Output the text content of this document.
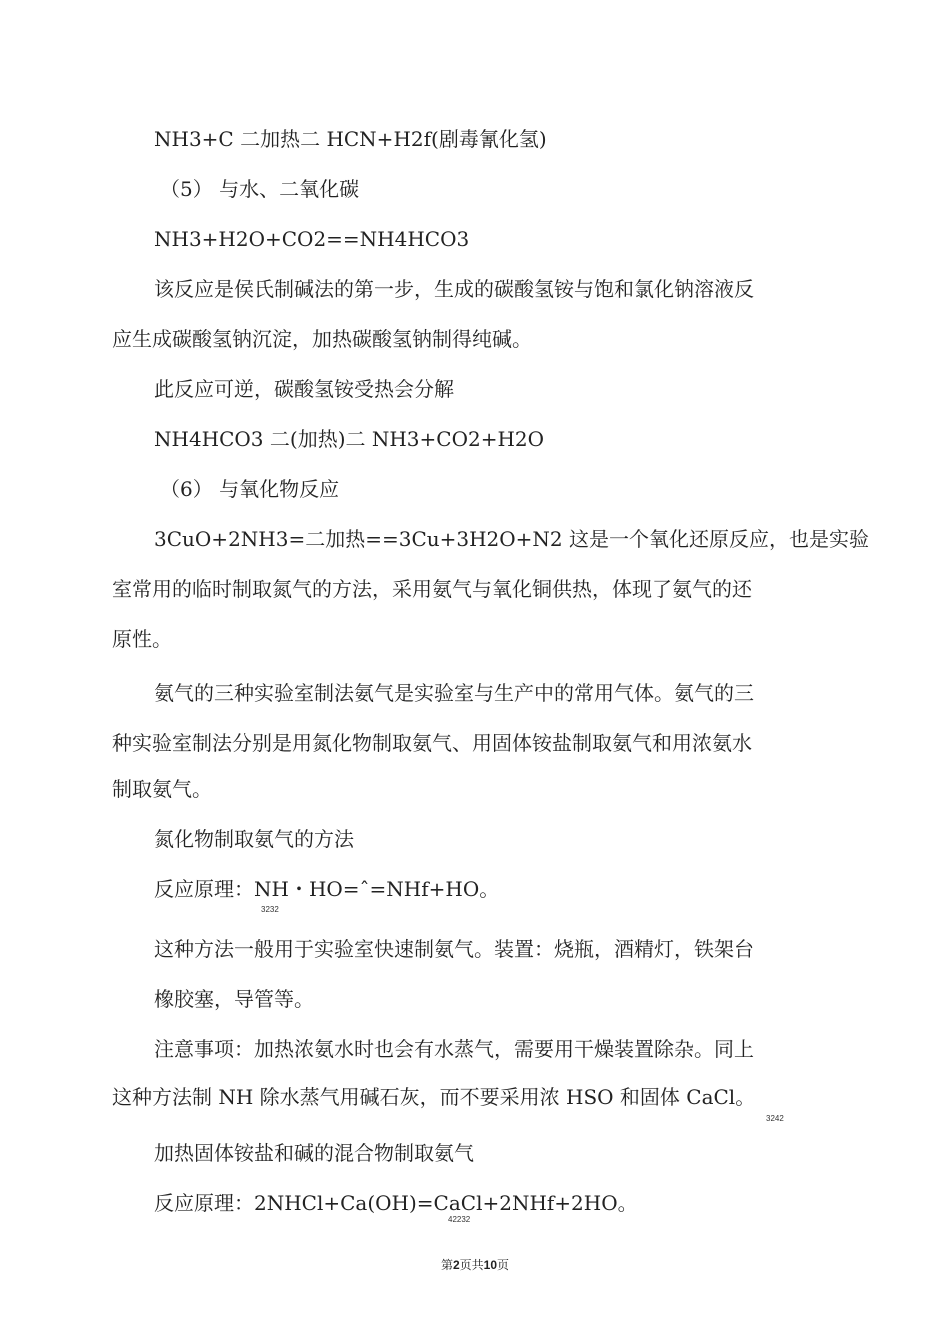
NH3+C 二加热二 HCN+H2f(剧毒氰化氢)
（5） 与水、二氧化碳
NH3+H2O+CO2==NH4HCO3
该反应是侯氏制碱法的第一步，生成的碳酸氢铵与饱和氯化钠溶液反
应生成碳酸氢钠沉淀，加热碳酸氢钠制得纯碱。
此反应可逆，碳酸氢铵受热会分解
NH4HCO3 二(加热)二 NH3+CO2+H2O
（6） 与氧化物反应
3CuO+2NH3=二加热==3Cu+3H2O+N2 这是一个氧化还原反应，也是实验
室常用的临时制取氮气的方法，采用氨气与氧化铜供热，体现了氨气的还
原性。
氨气的三种实验室制法氨气是实验室与生产中的常用气体。氨气的三
种实验室制法分别是用氮化物制取氨气、用固体铵盐制取氨气和用浓氨水
制取氨气。
氮化物制取氨气的方法
反应原理：NH・HO=ˆ=NHf+HO。
3232
这种方法一般用于实验室快速制氨气。装置：烧瓶，酒精灯，铁架台
橡胶塞，导管等。
注意事项：加热浓氨水时也会有水蒸气，需要用干燥装置除杂。同上
这种方法制 NH 除水蒸气用碱石灰，而不要采用浓 HSO 和固体 CaCl。
3242
加热固体铵盐和碱的混合物制取氨气
反应原理：2NHCl+Ca(OH)=CaCl+2NHf+2HO。
42232
第2页共10页
